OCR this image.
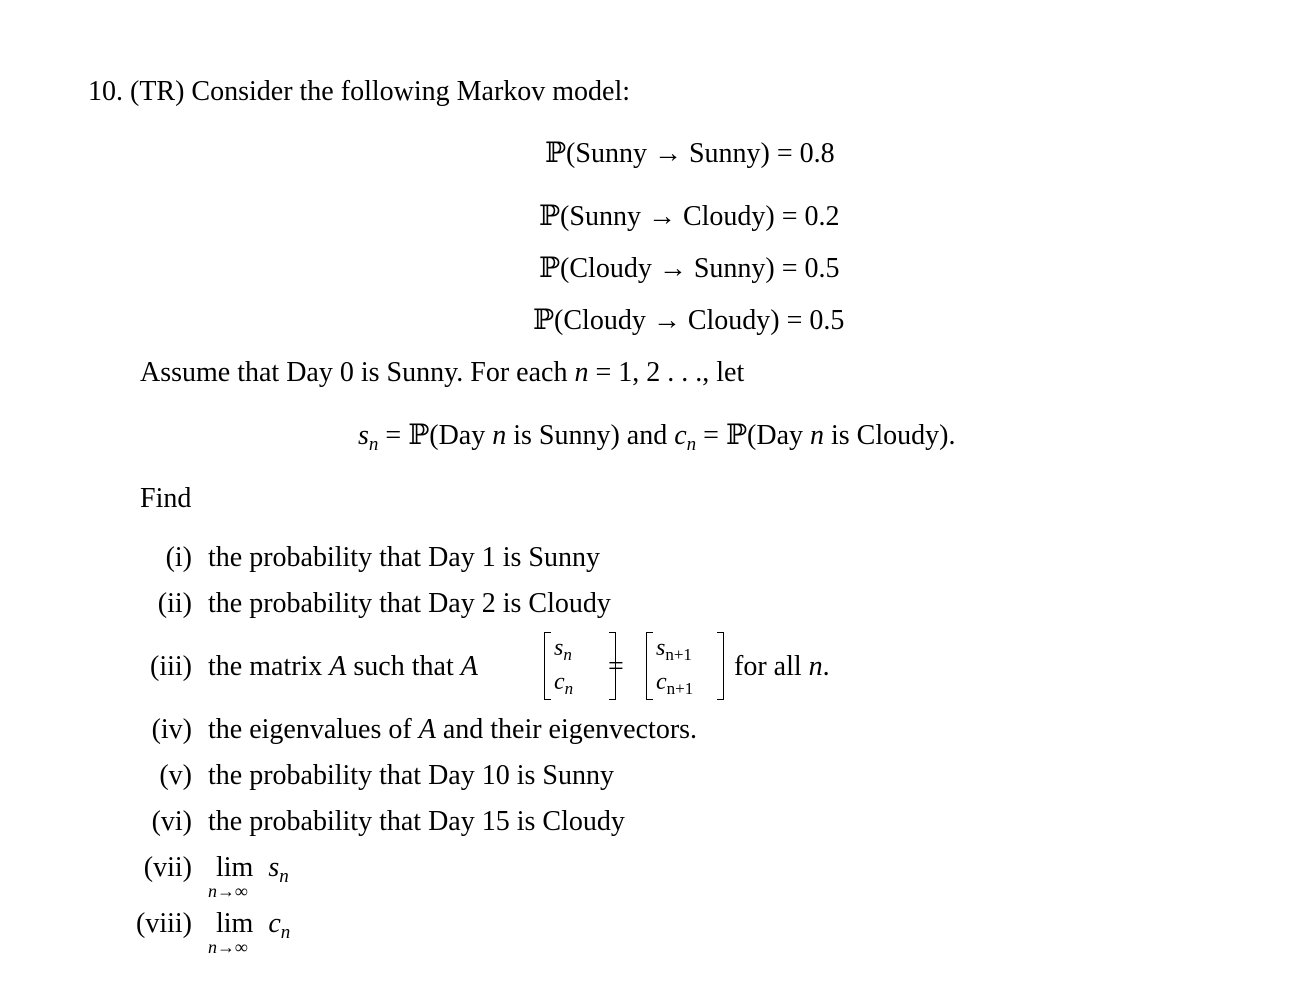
10. (TR) Consider the following Markov model:
ℙ(Sunny → Sunny) = 0.8
ℙ(Sunny → Cloudy) = 0.2
ℙ(Cloudy → Sunny) = 0.5
ℙ(Cloudy → Cloudy) = 0.5
Assume that Day 0 is Sunny. For each n = 1, 2 . . ., let
$s_n$ = ℙ(Day n is Sunny) and $c_n$ = ℙ(Day n is Cloudy).
Find
(i) the probability that Day 1 is Sunny
(ii) the probability that Day 2 is Cloudy
(iii) the matrix A such that A
$s_n$
$c_n$
=
$s_{n+1}$
$c_{n+1}$
for all n.
(iv) the eigenvalues of A and their eigenvectors.
(v) the probability that Day 10 is Sunny
(vi) the probability that Day 15 is Cloudy
(vii) lim
n→∞
$s_n$
(viii) lim
n→∞
$c_n$
